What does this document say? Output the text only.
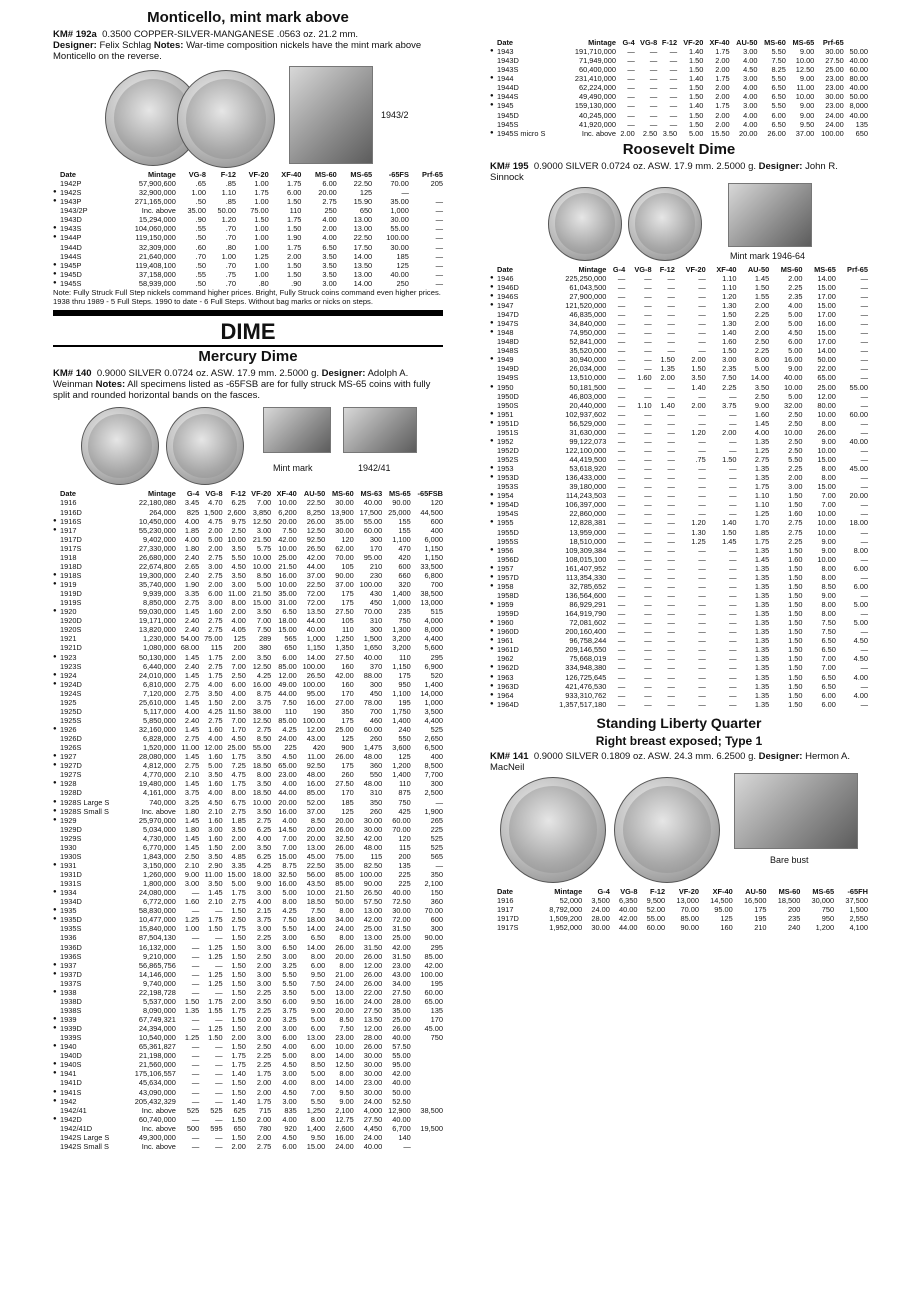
Monticello, mint mark above

KM# 192a 0.3500 COPPER-SILVER-MANGANESE .0563 oz. 21.2 mm.
Designer: Felix Schlag Notes: War-time composition nickels have the mint mark above Monticello on the reverse.

1943/2
Date	Mintage	VG-8	F-12	VF-20	XF-40	MS-60	MS-65	-65FS	Prf-65
1942P	57,900,600	.65	.85	1.00	1.75	6.00	22.50	70.00	205
● 1942S	32,900,000	1.00	1.10	1.75	6.00	20.00	125	—	
● 1943P	271,165,000	.50	.85	1.00	1.50	2.75	15.90	35.00	—
1943/2P	Inc. above	35.00	50.00	75.00	110	250	650	1,000	—
1943D	15,294,000	.90	1.20	1.50	1.75	4.00	13.00	30.00	—
● 1943S	104,060,000	.55	.70	1.00	1.50	2.00	13.00	55.00	—
● 1944P	119,150,000	.50	.70	1.00	1.90	4.00	22.50	100.00	—
1944D	32,309,000	.60	.80	1.00	1.75	6.50	17.50	30.00	—
1944S	21,640,000	.70	1.00	1.25	2.00	3.50	14.00	185	—
● 1945P	119,408,100	.50	.70	1.00	1.50	3.50	13.50	125	—
● 1945D	37,158,000	.55	.75	1.00	1.50	3.50	13.00	40.00	—
● 1945S	58,939,000	.50	.70	.80	.90	3.00	14.00	250	—
Note: Fully Struck Full Step nickels command higher prices. Bright, Fully Struck coins command even higher prices. 1938 thru 1989 - 5 Full Steps. 1990 to date - 6 Full Steps. Without bag marks or nicks on steps.
DIME
Mercury Dime

KM# 140 0.9000 SILVER 0.0724 oz. ASW. 17.9 mm. 2.5000 g. Designer: Adolph A. Weinman Notes: All specimens listed as -65FSB are for fully struck MS-65 coins with fully split and rounded horizontal bands on the fasces.

Mint mark	1942/41
Date	Mintage	G-4	VG-8	F-12	VF-20	XF-40	AU-50	MS-60	MS-63	MS-65	-65FSB
1916	22,180,080	3.45	4.70	6.25	7.00	10.00	22.50	30.00	40.00	90.00	120
1916D	264,000	825	1,500	2,600	3,850	6,200	8,250	13,900	17,500	25,000	44,500
● 1916S	10,450,000	4.00	4.75	9.75	12.50	20.00	26.00	35.00	55.00	155	600
● 1917	55,230,000	1.85	2.00	2.50	3.00	7.50	12.50	30.00	60.00	155	400
1917D	9,402,000	4.00	5.00	10.00	21.50	42.00	92.50	120	300	1,100	6,000
1917S	27,330,000	1.80	2.00	3.50	5.75	10.00	26.50	62.00	170	470	1,150
1918	26,680,000	2.40	2.75	5.50	10.00	25.00	42.00	70.00	95.00	420	1,150
1918D	22,674,800	2.65	3.00	4.50	10.00	21.50	44.00	105	210	600	33,500
● 1918S	19,300,000	2.40	2.75	3.50	8.50	16.00	37.00	90.00	230	660	6,800
● 1919	35,740,000	1.90	2.00	3.00	5.00	10.00	22.50	37.00	100.00	320	700
1919D	9,939,000	3.35	6.00	11.00	21.50	35.00	72.00	175	430	1,400	38,500
1919S	8,850,000	2.75	3.00	8.00	15.00	31.00	72.00	175	450	1,000	13,000
● 1920	59,030,000	1.45	1.60	2.00	3.50	6.50	13.50	27.50	70.00	235	515
1920D	19,171,000	2.40	2.75	4.00	7.00	18.00	44.00	105	310	750	4,000
1920S	13,820,000	2.40	2.75	4.05	7.50	15.00	40.00	110	300	1,300	8,000
1921	1,230,000	54.00	75.00	125	289	565	1,000	1,250	1,500	3,200	4,400
1921D	1,080,000	68.00	115	200	380	650	1,150	1,350	1,650	3,200	5,600
● 1923	50,130,000	1.45	1.75	2.00	3.50	6.00	14.00	27.50	40.00	110	295
1923S	6,440,000	2.40	2.75	7.00	12.50	85.00	100.00	160	370	1,150	6,900
● 1924	24,010,000	1.45	1.75	2.50	4.25	12.00	26.50	42.00	88.00	175	520
● 1924D	6,810,000	2.75	4.00	6.00	16.00	49.00	100.00	160	300	950	1,400
1924S	7,120,000	2.75	3.50	4.00	8.75	44.00	95.00	170	450	1,100	14,000
1925	25,610,000	1.45	1.50	2.00	3.75	7.50	16.00	27.00	78.00	195	1,000
1925D	5,117,000	4.00	4.25	11.50	38.00	110	190	350	700	1,750	3,500
1925S	5,850,000	2.40	2.75	7.00	12.50	85.00	100.00	175	460	1,400	4,400
● 1926	32,160,000	1.45	1.60	1.70	2.75	4.25	12.00	25.00	60.00	240	525
1926D	6,828,000	2.75	4.00	4.50	8.50	24.00	43.00	125	260	550	2,650
1926S	1,520,000	11.00	12.00	25.00	55.00	225	420	900	1,475	3,600	6,500
● 1927	28,080,000	1.45	1.60	1.75	3.50	4.50	11.00	26.00	48.00	125	400
● 1927D	4,812,000	2.75	5.00	7.25	18.50	65.00	92.50	175	360	1,200	8,500
1927S	4,770,000	2.10	3.50	4.75	8.00	23.00	48.00	260	550	1,400	7,700
● 1928	19,480,000	1.45	1.60	1.75	3.50	4.00	16.00	27.50	48.00	110	300
1928D	4,161,000	3.75	4.00	8.00	18.50	44.00	85.00	170	310	875	2,500
● 1928S Large S	740,000	3.25	4.50	6.75	10.00	20.00	52.00	185	350	750	—
● 1928S Small S	Inc. above	1.80	2.10	2.75	3.50	16.00	37.00	125	260	425	1,900
● 1929	25,970,000	1.45	1.60	1.85	2.75	4.00	8.50	20.00	30.00	60.00	265
1929D	5,034,000	1.80	3.00	3.50	6.25	14.50	20.00	26.00	30.00	70.00	225
1929S	4,730,000	1.45	1.60	2.00	4.00	7.00	20.00	32.50	42.00	120	525
1930	6,770,000	1.45	1.50	2.00	3.50	7.00	13.00	26.00	48.00	115	525
1930S	1,843,000	2.50	3.50	4.85	6.25	15.00	45.00	75.00	115	200	565
● 1931	3,150,000	2.10	2.90	3.35	4.25	8.75	22.50	35.00	82.50	135	—
1931D	1,260,000	9.00	11.00	15.00	18.00	32.50	56.00	85.00	100.00	225	350
1931S	1,800,000	3.00	3.50	5.00	9.00	16.00	43.50	85.00	90.00	225	2,100
● 1934	24,080,000	—	1.45	1.75	3.00	5.00	10.00	21.50	26.50	40.00	150
1934D	6,772,000	1.60	2.10	2.75	4.00	8.00	18.50	50.00	57.50	72.50	360
● 1935	58,830,000	—	—	1.50	2.15	4.25	7.50	8.00	13.00	30.00	70.00
● 1935D	10,477,000	1.25	1.75	2.50	3.75	7.50	18.00	34.00	42.00	72.00	600
1935S	15,840,000	1.00	1.50	1.75	3.00	5.50	14.00	24.00	25.00	31.50	300
1936	87,504,130	—	—	1.50	2.25	3.00	6.50	8.00	13.00	25.00	90.00
1936D	16,132,000	—	1.25	1.50	3.00	6.50	14.00	26.00	31.50	42.00	295
1936S	9,210,000	—	1.25	1.50	2.50	3.00	8.00	20.00	26.00	31.50	85.00
● 1937	56,865,756	—	—	1.50	2.00	3.25	6.00	8.00	12.00	23.00	42.00
● 1937D	14,146,000	—	1.25	1.50	3.00	5.50	9.50	21.00	26.00	43.00	100.00
1937S	9,740,000	—	1.25	1.50	3.00	5.50	7.50	24.00	26.00	34.00	195
● 1938	22,198,728	—	—	1.50	2.25	3.50	5.00	13.00	22.00	27.50	60.00
1938D	5,537,000	1.50	1.75	2.00	3.50	6.00	9.50	16.00	24.00	28.00	65.00
1938S	8,090,000	1.35	1.55	1.75	2.25	3.75	9.00	20.00	27.50	35.00	135
● 1939	67,749,321	—	—	1.50	2.00	3.25	5.00	8.50	13.50	25.00	170
● 1939D	24,394,000	—	1.25	1.50	2.00	3.00	6.00	7.50	12.00	26.00	45.00
1939S	10,540,000	1.25	1.50	2.00	3.00	6.00	13.00	23.00	28.00	40.00	750
● 1940	65,361,827	—	—	1.50	2.50	4.00	6.00	10.00	26.00	57.50	
1940D	21,198,000	—	—	1.75	2.25	5.00	8.00	14.00	30.00	55.00	
● 1940S	21,560,000	—	—	1.75	2.25	4.50	8.50	12.50	30.00	95.00	
● 1941	175,106,557	—	—	1.40	1.75	3.00	5.00	8.00	30.00	42.00	
1941D	45,634,000	—	—	1.50	2.00	4.00	8.00	14.00	23.00	40.00	
● 1941S	43,090,000	—	—	1.50	2.00	4.50	7.00	9.50	30.00	50.00	
● 1942	205,432,329	—	—	1.40	1.75	3.00	5.50	9.00	24.00	52.50	
1942/41	Inc. above	525	525	625	715	835	1,250	2,100	4,000	12,900	38,500
● 1942D	60,740,000	—	—	1.50	2.00	4.00	8.00	12.75	27.50	40.00	
1942/41D	Inc. above	500	595	650	780	920	1,400	2,600	4,450	6,700	19,500
1942S Large S	49,300,000	—	—	1.50	2.00	4.50	9.50	16.00	24.00	140	
1942S Small S	Inc. above	—	—	2.00	2.75	6.00	15.00	24.00	40.00	—	
Date	Mintage	G-4	VG-8	F-12	VF-20	XF-40	AU-50	MS-60	MS-65	Prf-65	
● 1943	191,710,000	—	—	—	1.40	1.75	3.00	5.50	9.00	30.00	50.00
1943D	71,949,000	—	—	—	1.50	2.00	4.00	7.50	10.00	27.50	40.00
1943S	60,400,000	—	—	—	1.50	2.00	4.50	8.25	12.50	25.00	60.00
● 1944	231,410,000	—	—	—	1.40	1.75	3.00	5.50	9.00	23.00	80.00
1944D	62,224,000	—	—	—	1.50	2.00	4.00	6.50	11.00	23.00	40.00
● 1944S	49,490,000	—	—	—	1.50	2.00	4.00	6.50	10.00	30.00	50.00
● 1945	159,130,000	—	—	—	1.40	1.75	3.00	5.50	9.00	23.00	8,000
1945D	40,245,000	—	—	—	1.50	2.00	4.00	6.00	9.00	24.00	40.00
1945S	41,920,000	—	—	—	1.50	2.00	4.00	6.50	9.50	24.00	135
● 1945S micro S	Inc. above	2.00	2.50	3.50	5.00	15.50	20.00	26.00	37.00	100.00	650
Roosevelt Dime

KM# 195 0.9000 SILVER 0.0724 oz. ASW. 17.9 mm. 2.5000 g. Designer: John R. Sinnock

Mint mark 1946-64
Date	Mintage	G-4	VG-8	F-12	VF-20	XF-40	AU-50	MS-60	MS-65	Prf-65
● 1946	225,250,000	—	—	—	—	1.10	1.45	2.00	14.00	—
● 1946D	61,043,500	—	—	—	—	1.10	1.50	2.25	15.00	—
● 1946S	27,900,000	—	—	—	—	1.20	1.55	2.35	17.00	—
● 1947	121,520,000	—	—	—	—	1.30	2.00	4.00	15.00	—
1947D	46,835,000	—	—	—	—	1.50	2.25	5.00	17.00	—
● 1947S	34,840,000	—	—	—	—	1.30	2.00	5.00	16.00	—
● 1948	74,950,000	—	—	—	—	1.40	2.00	4.50	15.00	—
1948D	52,841,000	—	—	—	—	1.60	2.50	6.00	17.00	—
1948S	35,520,000	—	—	—	—	1.50	2.25	5.00	14.00	—
● 1949	30,940,000	—	—	1.50	2.00	3.00	8.00	16.00	50.00	—
1949D	26,034,000	—	—	1.35	1.50	2.35	5.00	9.00	22.00	—
1949S	13,510,000	—	1.60	2.00	3.50	7.50	14.00	40.00	65.00	—
● 1950	50,181,500	—	—	—	1.40	2.25	3.50	10.00	25.00	55.00
1950D	46,803,000	—	—	—	—	—	2.50	5.00	12.00	—
1950S	20,440,000	—	1.10	1.40	2.00	3.75	9.00	32.00	80.00	—
● 1951	102,937,602	—	—	—	—	—	1.60	2.50	10.00	60.00
● 1951D	56,529,000	—	—	—	—	—	1.45	2.50	8.00	—
1951S	31,630,000	—	—	—	1.20	2.00	4.00	10.00	26.00	—
● 1952	99,122,073	—	—	—	—	—	1.35	2.50	9.00	40.00
1952D	122,100,000	—	—	—	—	—	1.25	2.50	10.00	—
1952S	44,419,500	—	—	—	.75	1.50	2.75	5.50	15.00	—
● 1953	53,618,920	—	—	—	—	—	1.35	2.25	8.00	45.00
● 1953D	136,433,000	—	—	—	—	—	1.35	2.00	8.00	—
1953S	39,180,000	—	—	—	—	—	1.75	3.00	15.00	—
● 1954	114,243,503	—	—	—	—	—	1.10	1.50	7.00	20.00
● 1954D	106,397,000	—	—	—	—	—	1.10	1.50	7.00	—
1954S	22,860,000	—	—	—	—	—	1.25	1.60	10.00	—
● 1955	12,828,381	—	—	—	1.20	1.40	1.70	2.75	10.00	18.00
1955D	13,959,000	—	—	—	1.30	1.50	1.85	2.75	10.00	—
1955S	18,510,000	—	—	—	1.25	1.45	1.75	2.25	9.00	—
● 1956	109,309,384	—	—	—	—	—	1.35	1.50	9.00	8.00
1956D	108,015,100	—	—	—	—	—	1.45	1.60	10.00	—
● 1957	161,407,952	—	—	—	—	—	1.35	1.50	8.00	6.00
● 1957D	113,354,330	—	—	—	—	—	1.35	1.50	8.00	—
● 1958	32,785,652	—	—	—	—	—	1.35	1.50	8.50	6.00
1958D	136,564,600	—	—	—	—	—	1.35	1.50	9.00	—
● 1959	86,929,291	—	—	—	—	—	1.35	1.50	8.00	5.00
1959D	164,919,790	—	—	—	—	—	1.35	1.50	8.00	—
● 1960	72,081,602	—	—	—	—	—	1.35	1.50	7.50	5.00
● 1960D	200,160,400	—	—	—	—	—	1.35	1.50	7.50	—
● 1961	96,758,244	—	—	—	—	—	1.35	1.50	6.50	4.50
● 1961D	209,146,550	—	—	—	—	—	1.35	1.50	6.50	—
1962	75,668,019	—	—	—	—	—	1.35	1.50	7.00	4.50
● 1962D	334,948,380	—	—	—	—	—	1.35	1.50	7.00	—
● 1963	126,725,645	—	—	—	—	—	1.35	1.50	6.50	4.00
● 1963D	421,476,530	—	—	—	—	—	1.35	1.50	6.50	—
● 1964	933,310,762	—	—	—	—	—	1.35	1.50	6.00	4.00
● 1964D	1,357,517,180	—	—	—	—	—	1.35	1.50	6.00	—
Standing Liberty Quarter
Right breast exposed; Type 1

KM# 141 0.9000 SILVER 0.1809 oz. ASW. 24.3 mm. 6.2500 g. Designer: Hermon A. MacNeil

Bare bust
Date	Mintage	G-4	VG-8	F-12	VF-20	XF-40	AU-50	MS-60	MS-65	-65FH
1916	52,000	3,500	6,350	9,500	13,000	14,500	16,500	18,500	30,000	37,500
1917	8,792,000	24.00	40.00	52.00	70.00	95.00	175	200	750	1,500
1917D	1,509,200	28.00	42.00	55.00	85.00	125	195	235	950	2,550
1917S	1,952,000	30.00	44.00	60.00	90.00	160	210	240	1,200	4,100
